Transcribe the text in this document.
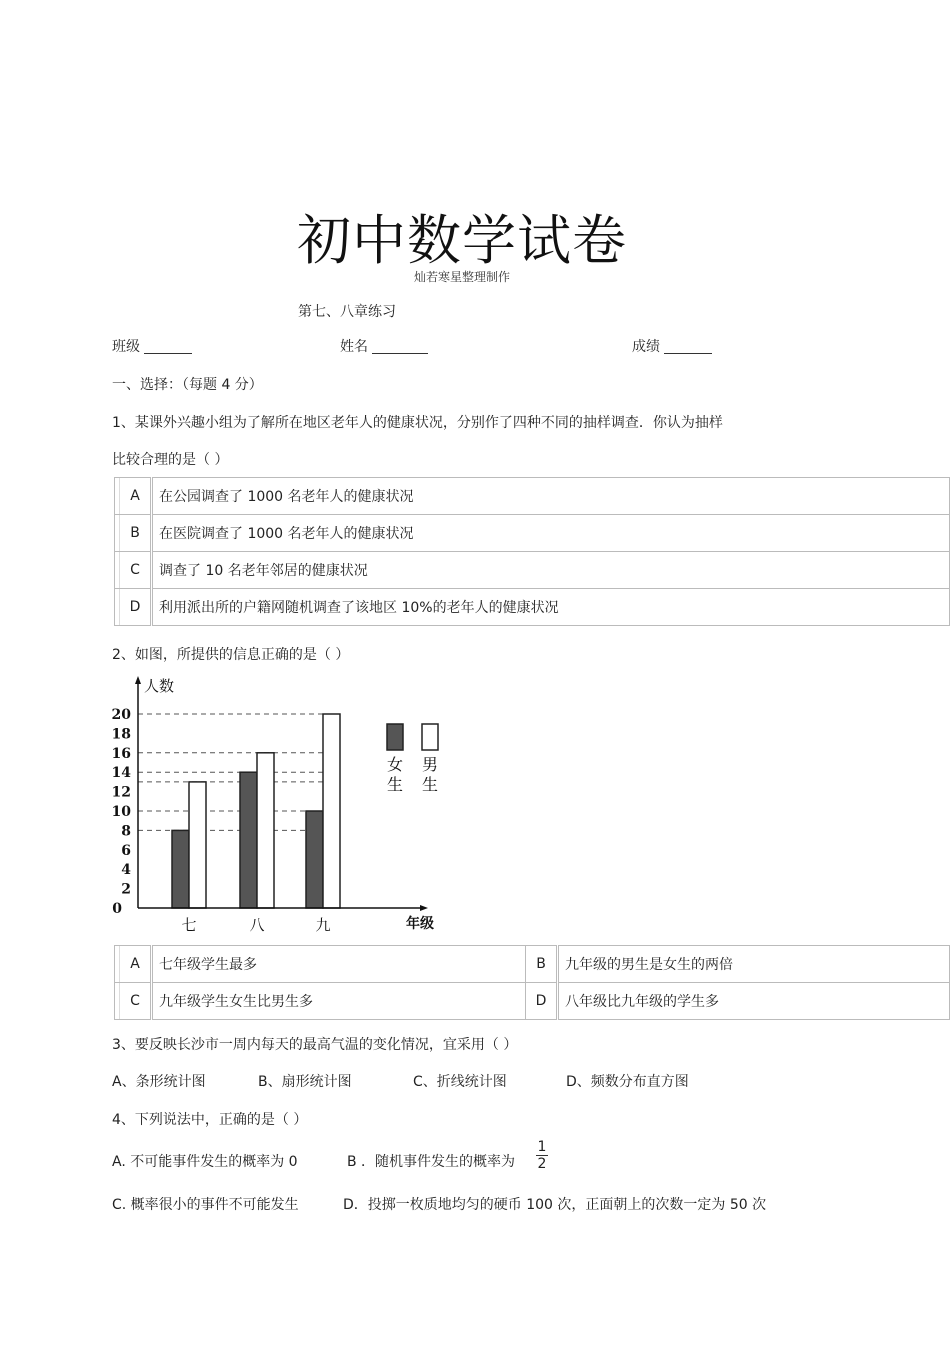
初中数学试卷
灿若寒星整理制作
第七、八章练习
班级	姓名	成绩
一、选择：（每题 4 分）
1、某课外兴趣小组为了解所在地区老年人的健康状况，分别作了四种不同的抽样调查．你认为抽样
比较合理的是（ ）
	A	在公园调查了 1000 名老年人的健康状况
	B	在医院调查了 1000 名老年人的健康状况
	C	调查了 10 名老年邻居的健康状况
	D	利用派出所的户籍网随机调查了该地区 10%的老年人的健康状况
2、如图，所提供的信息正确的是（ ）
七	八	九
2
4
6
8
10
12
14
16
18
20
0
人数
年级
女
生
男
生
	A	七年级学生最多	B	九年级的男生是女生的两倍
	C	九年级学生女生比男生多	D	八年级比九年级的学生多
3、要反映长沙市一周内每天的最高气温的变化情况，宜采用（ ）
A、条形统计图	B、扇形统计图	C、折线统计图	D、频数分布直方图
4、下列说法中，正确的是（ ）
A. 不可能事件发生的概率为 0	B ．随机事件发生的概率为 $\frac{1}{2}$
C. 概率很小的事件不可能发生	D．投掷一枚质地均匀的硬币 100 次，正面朝上的次数一定为 50 次
